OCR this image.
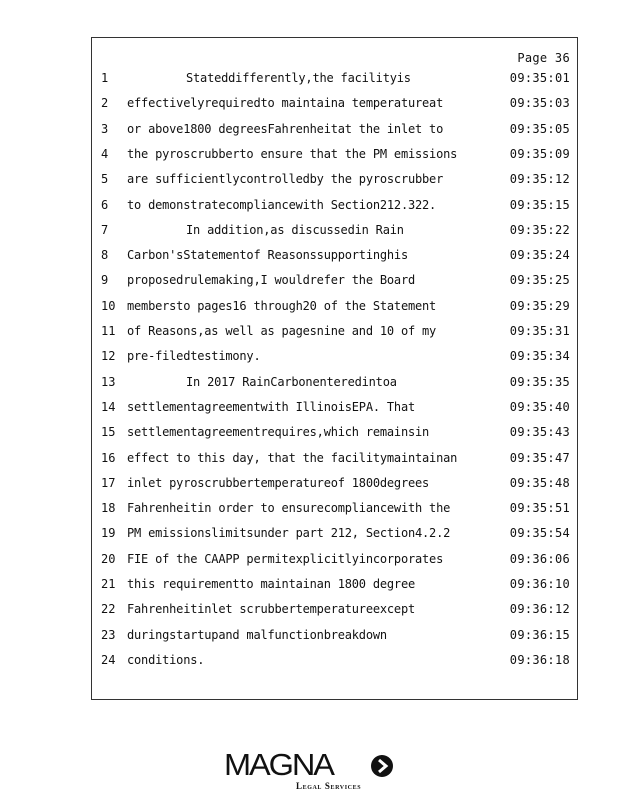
Page 36
1	Stateddifferently,the facilityis	09:35:01
2	effectivelyrequiredto maintaina temperatureat	09:35:03
3	or above1800 degreesFahrenheitat the inlet to	09:35:05
4	the pyroscrubberto ensure that the PM emissions	09:35:09
5	are sufficientlycontrolledby the pyroscrubber	09:35:12
6	to demonstratecompliancewith Section212.322.	09:35:15
7	In addition,as discussedin Rain	09:35:22
8	Carbon'sStatementof Reasonssupportinghis	09:35:24
9	proposedrulemaking,I wouldrefer the Board	09:35:25
10 membersto pages16 through20 of the Statement	09:35:29
11 of Reasons,as well as pagesnine and 10 of my	09:35:31
12 pre-filedtestimony.	09:35:34
13	In 2017 RainCarbonenteredintoa	09:35:35
14 settlementagreementwith IllinoisEPA. That	09:35:40
15 settlementagreementrequires,which remainsin	09:35:43
16 effect to this day, that the facilitymaintainan	09:35:47
17 inlet pyroscrubbertemperatureof 1800degrees	09:35:48
18 Fahrenheitin order to ensurecompliancewith the	09:35:51
19 PM emissionslimitsunder part 212, Section4.2.2	09:35:54
20 FIE of the CAAPP permitexplicitlyincorporates	09:36:06
21 this requirementto maintainan 1800 degree	09:36:10
22 Fahrenheitinlet scrubbertemperatureexcept	09:36:12
23 duringstartupand malfunctionbreakdown	09:36:15
24 conditions.	09:36:18
MAGNA
Legal Services
